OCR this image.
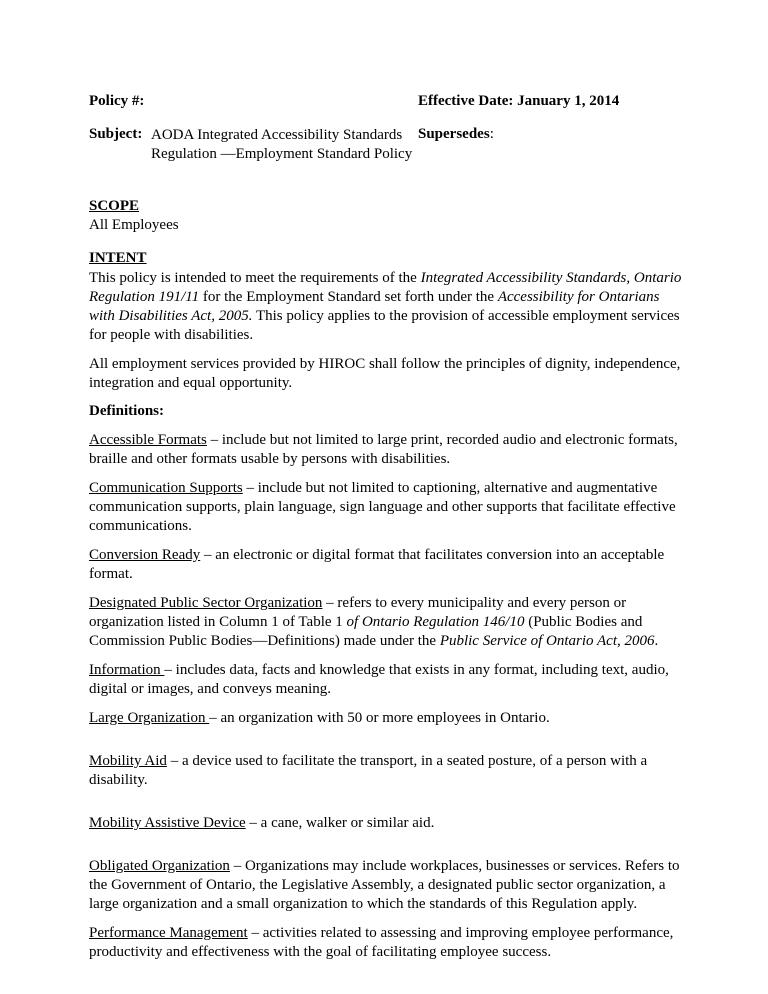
Policy #:	Effective Date: January 1, 2014
Subject: AODA Integrated Accessibility Standards
Regulation —Employment Standard Policy
Supersedes:
SCOPE
All Employees
INTENT

This policy is intended to meet the requirements of the Integrated Accessibility Standards, Ontario Regulation 191/11 for the Employment Standard set forth under the Accessibility for Ontarians with Disabilities Act, 2005. This policy applies to the provision of accessible employment services for people with disabilities.

All employment services provided by HIROC shall follow the principles of dignity, independence, integration and equal opportunity.

Definitions:

Accessible Formats – include but not limited to large print, recorded audio and electronic formats, braille and other formats usable by persons with disabilities.

Communication Supports – include but not limited to captioning, alternative and augmentative communication supports, plain language, sign language and other supports that facilitate effective communications.

Conversion Ready – an electronic or digital format that facilitates conversion into an acceptable format.

Designated Public Sector Organization – refers to every municipality and every person or organization listed in Column 1 of Table 1 of Ontario Regulation 146/10 (Public Bodies and Commission Public Bodies—Definitions) made under the Public Service of Ontario Act, 2006.

Information – includes data, facts and knowledge that exists in any format, including text, audio, digital or images, and conveys meaning.

Large Organization – an organization with 50 or more employees in Ontario.

Mobility Aid – a device used to facilitate the transport, in a seated posture, of a person with a disability.

Mobility Assistive Device – a cane, walker or similar aid.

Obligated Organization – Organizations may include workplaces, businesses or services. Refers to the Government of Ontario, the Legislative Assembly, a designated public sector organization, a large organization and a small organization to which the standards of this Regulation apply.

Performance Management – activities related to assessing and improving employee performance, productivity and effectiveness with the goal of facilitating employee success.
